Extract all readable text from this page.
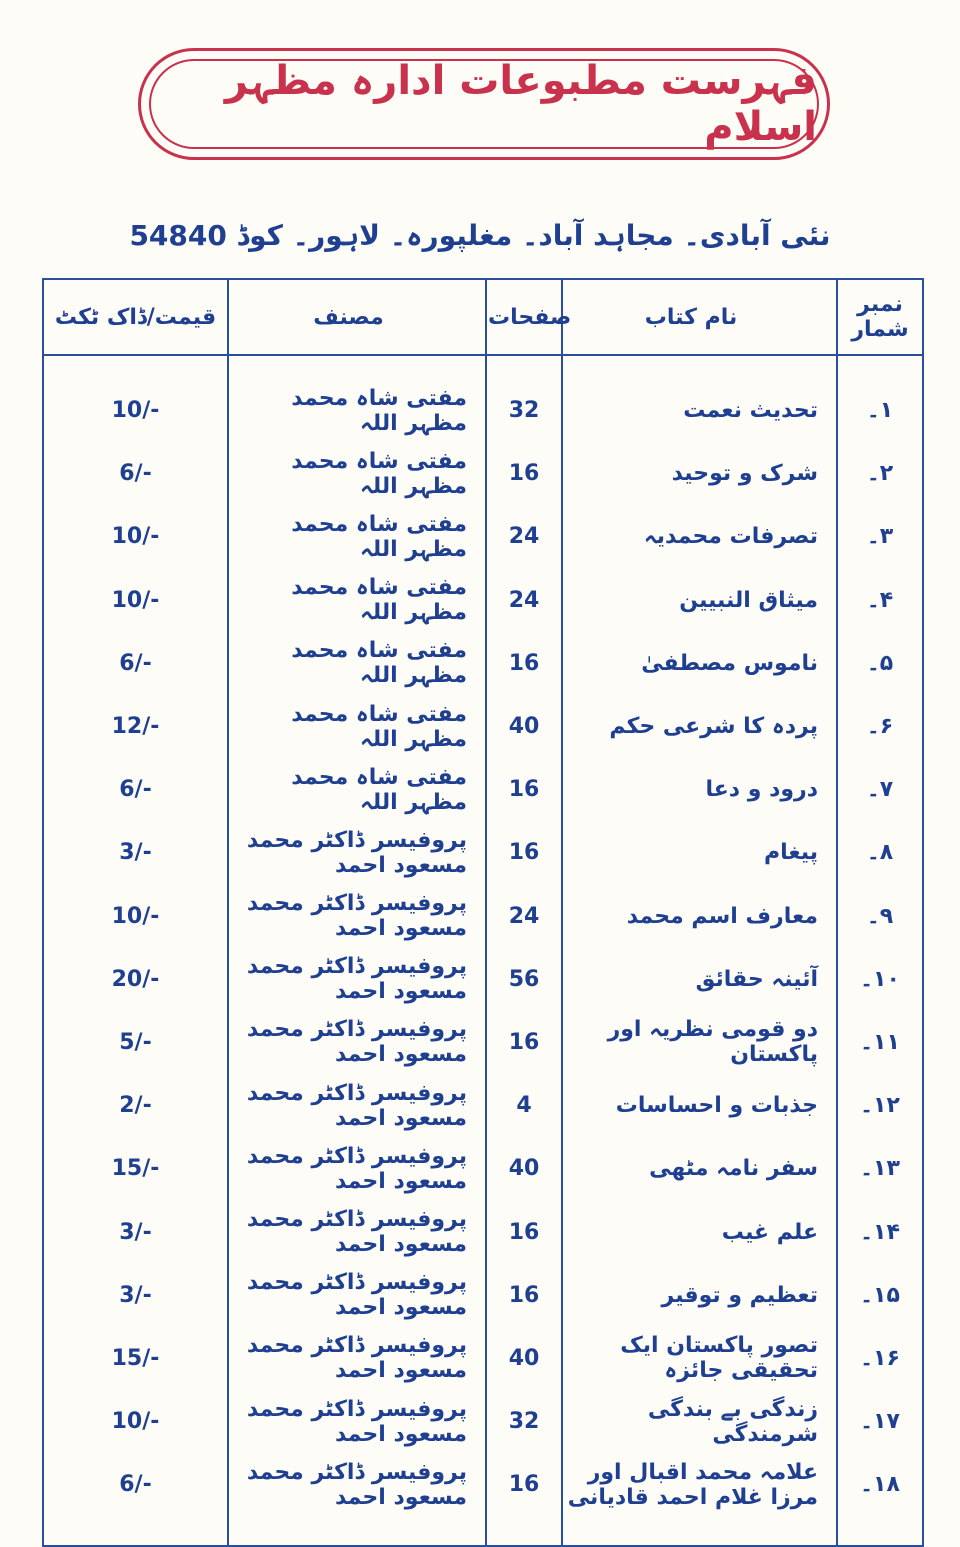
فہرست مطبوعات ادارہ مظہر اسلام
نئی آبادی۔ مجاہد آباد۔ مغلپورہ۔ لاہور۔ کوڈ 54840
نمبر شمار	نام کتاب	صفحات	مصنف	قیمت/ڈاک ٹکٹ

۱۔	تحدیث نعمت	32	مفتی شاہ محمد مظہر اللہ	10/-
۲۔	شرک و توحید	16	مفتی شاہ محمد مظہر اللہ	6/-
۳۔	تصرفات محمدیہ	24	مفتی شاہ محمد مظہر اللہ	10/-
۴۔	میثاق النبیین	24	مفتی شاہ محمد مظہر اللہ	10/-
۵۔	ناموس مصطفیٰ	16	مفتی شاہ محمد مظہر اللہ	6/-
۶۔	پردہ کا شرعی حکم	40	مفتی شاہ محمد مظہر اللہ	12/-
۷۔	درود و دعا	16	مفتی شاہ محمد مظہر اللہ	6/-
۸۔	پیغام	16	پروفیسر ڈاکٹر محمد مسعود احمد	3/-
۹۔	معارف اسم محمد	24	پروفیسر ڈاکٹر محمد مسعود احمد	10/-
۱۰۔	آئینہ حقائق	56	پروفیسر ڈاکٹر محمد مسعود احمد	20/-
۱۱۔	دو قومی نظریہ اور پاکستان	16	پروفیسر ڈاکٹر محمد مسعود احمد	5/-
۱۲۔	جذبات و احساسات	4	پروفیسر ڈاکٹر محمد مسعود احمد	2/-
۱۳۔	سفر نامہ مٹھی	40	پروفیسر ڈاکٹر محمد مسعود احمد	15/-
۱۴۔	علم غیب	16	پروفیسر ڈاکٹر محمد مسعود احمد	3/-
۱۵۔	تعظیم و توقیر	16	پروفیسر ڈاکٹر محمد مسعود احمد	3/-
۱۶۔	تصور پاکستان ایک تحقیقی جائزہ	40	پروفیسر ڈاکٹر محمد مسعود احمد	15/-
۱۷۔	زندگی بے بندگی شرمندگی	32	پروفیسر ڈاکٹر محمد مسعود احمد	10/-
۱۸۔	علامہ محمد اقبال اور مرزا غلام احمد قادیانی	16	پروفیسر ڈاکٹر محمد مسعود احمد	6/-
